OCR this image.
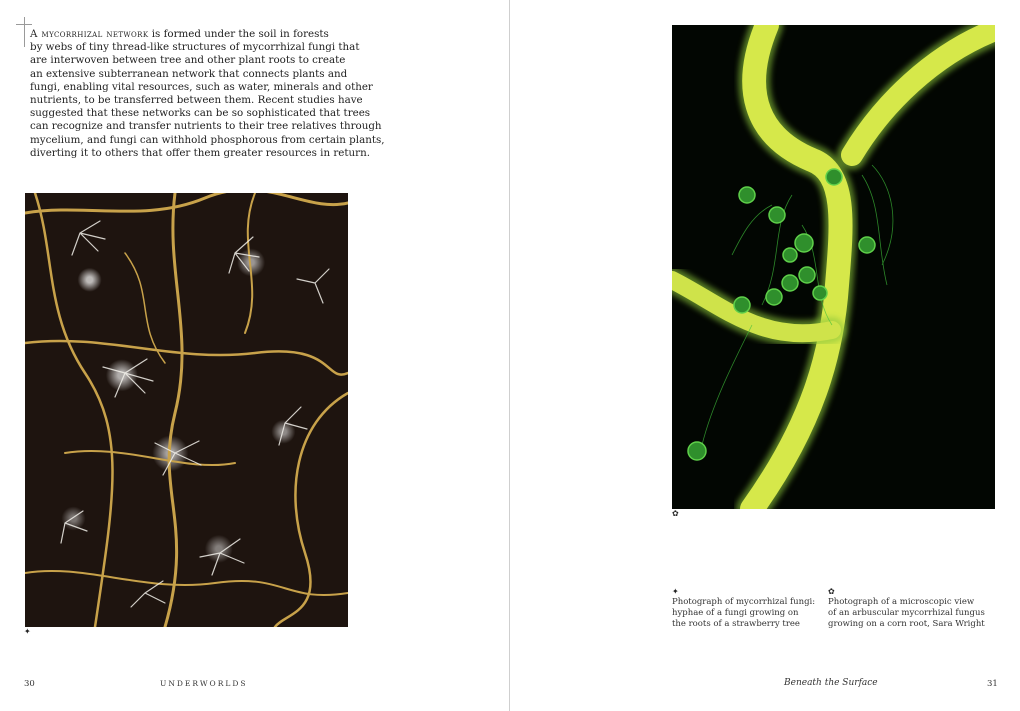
A mycorrhizal network is formed under the soil in forests
by webs of tiny thread-like structures of mycorrhizal fungi that
are interwoven between tree and other plant roots to create
an extensive subterranean network that connects plants and
fungi, enabling vital resources, such as water, minerals and other
nutrients, to be transferred between them. Recent studies have
suggested that these networks can be so sophisticated that trees
can recognize and transfer nutrients to their tree relatives through
mycelium, and fungi can withhold phosphorous from certain plants,
diverting it to others that offer them greater resources in return.
✦
30	UNDERWORLDS	Beneath the Surface	31
✿
✦
Photograph of mycorrhizal fungi:
hyphae of a fungi growing on
the roots of a strawberry tree
✿
Photograph of a microscopic view
of an arbuscular mycorrhizal fungus
growing on a corn root, Sara Wright
